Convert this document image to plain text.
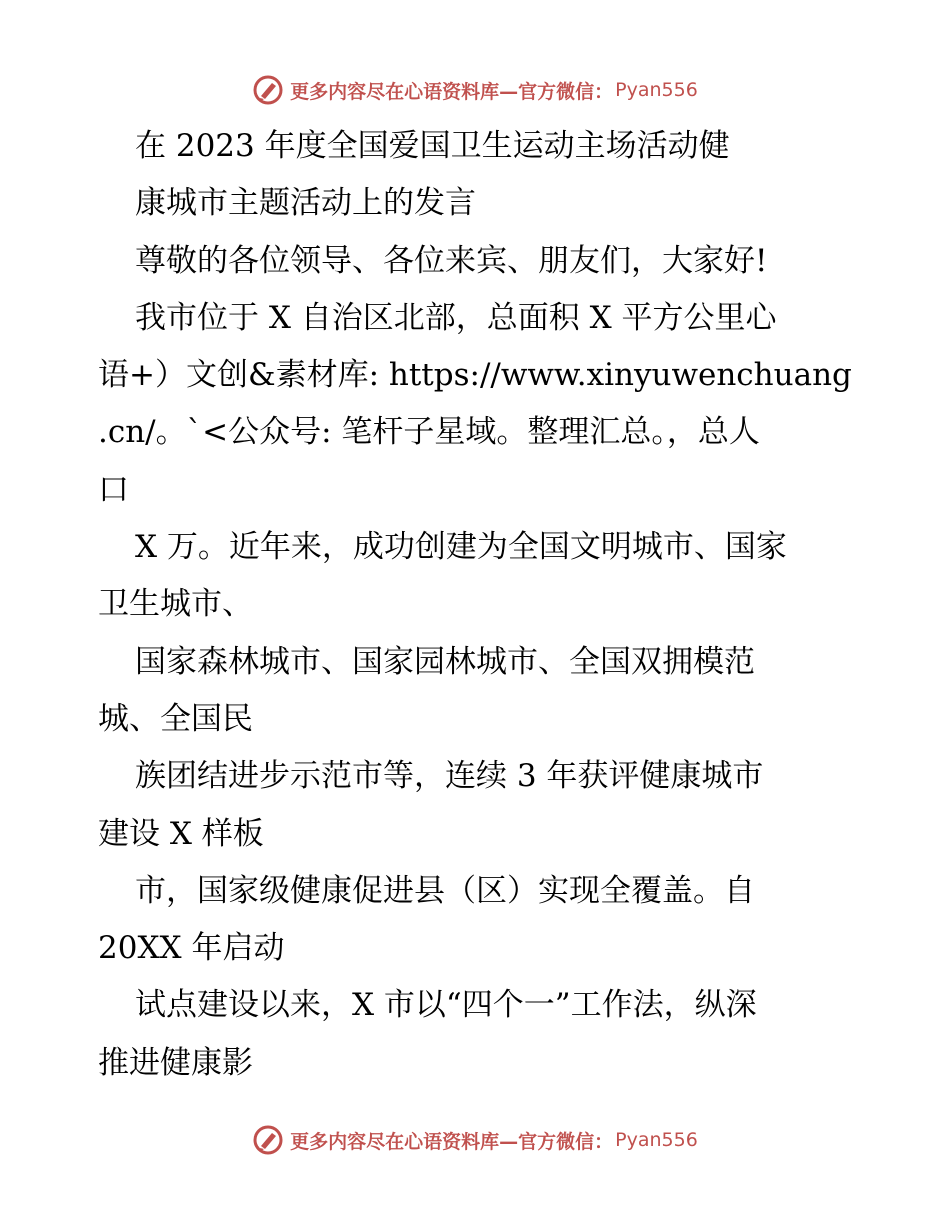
更多内容尽在心语资料库—官方微信： Pyan556
在 2023 年度全国爱国卫生运动主场活动健
康城市主题活动上的发言
尊敬的各位领导、各位来宾、朋友们，大家好!
我市位于 X 自治区北部，总面积 X 平方公里心
语+）文创&素材库: https://www.xinyuwenchuang
.cn/。`<公众号: 笔杆子星域。整理汇总。，总人
口
X 万。近年来，成功创建为全国文明城市、国家
卫生城市、
国家森林城市、国家园林城市、全国双拥模范
城、全国民
族团结进步示范市等，连续 3 年获评健康城市
建设 X 样板
市，国家级健康促进县（区）实现全覆盖。自
20XX 年启动
试点建设以来，X 市以“四个一”工作法，纵深
推进健康影
更多内容尽在心语资料库—官方微信： Pyan556
